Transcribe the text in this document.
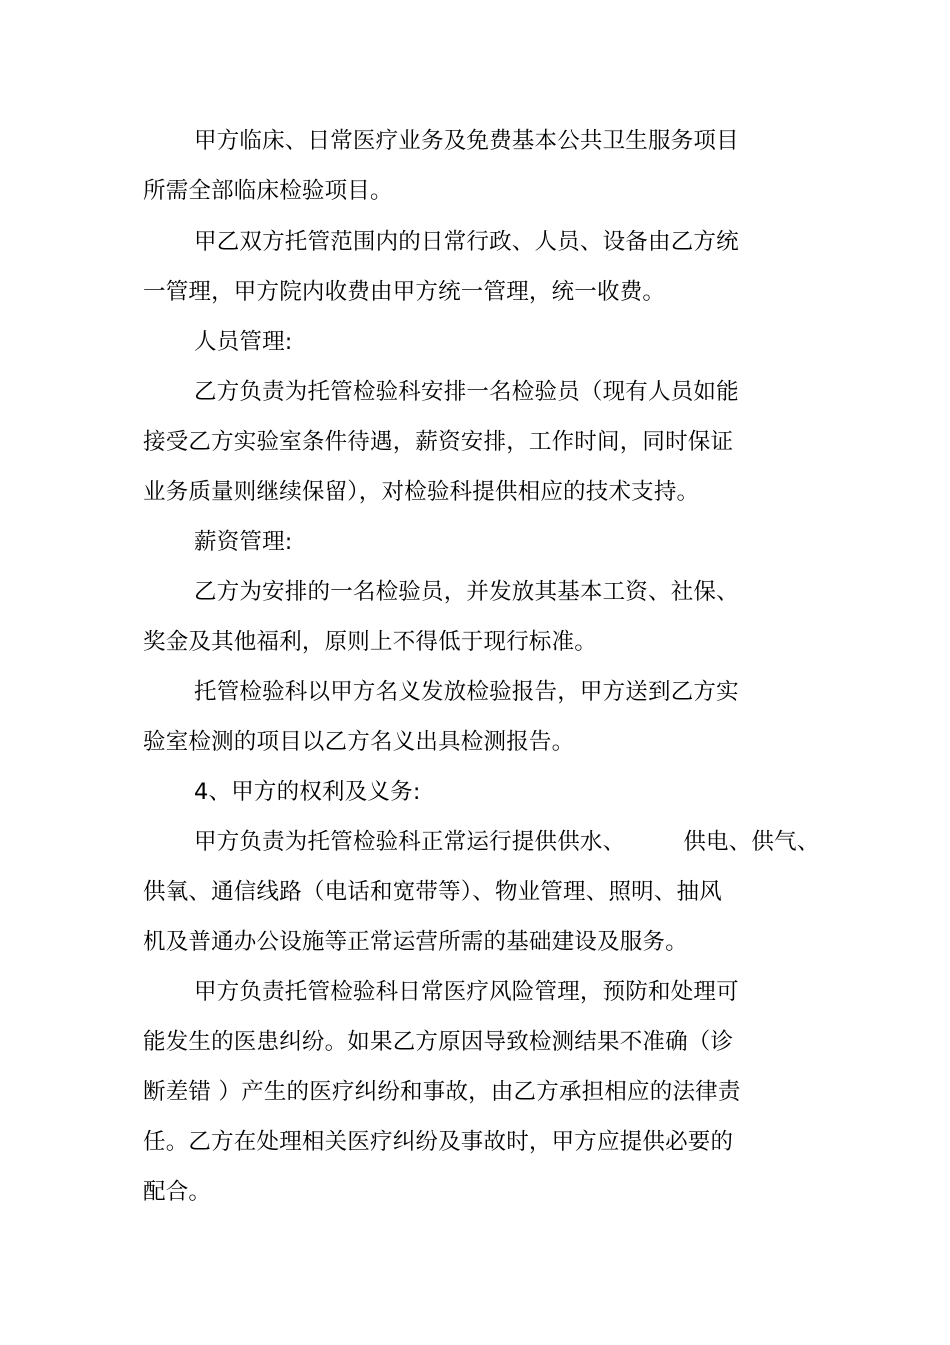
甲方临床、日常医疗业务及免费基本公共卫生服务项目
所需全部临床检验项目。
甲乙双方托管范围内的日常行政、人员、设备由乙方统
一管理，甲方院内收费由甲方统一管理，统一收费。
人员管理:
乙方负责为托管检验科安排一名检验员（现有人员如能
接受乙方实验室条件待遇，薪资安排，工作时间，同时保证
业务质量则继续保留），对检验科提供相应的技术支持。
薪资管理:
乙方为安排的一名检验员，并发放其基本工资、社保、
奖金及其他福利，原则上不得低于现行标准。
托管检验科以甲方名义发放检验报告，甲方送到乙方实
验室检测的项目以乙方名义出具检测报告。
4、甲方的权利及义务:
甲方负责为托管检验科正常运行提供供水、	供电、供气、
供氧、通信线路（电话和宽带等）、物业管理、照明、抽风
机及普通办公设施等正常运营所需的基础建设及服务。
甲方负责托管检验科日常医疗风险管理，预防和处理可
能发生的医患纠纷。如果乙方原因导致检测结果不准确（诊
断差错 ）产生的医疗纠纷和事故，由乙方承担相应的法律责
任。乙方在处理相关医疗纠纷及事故时，甲方应提供必要的
配合。
